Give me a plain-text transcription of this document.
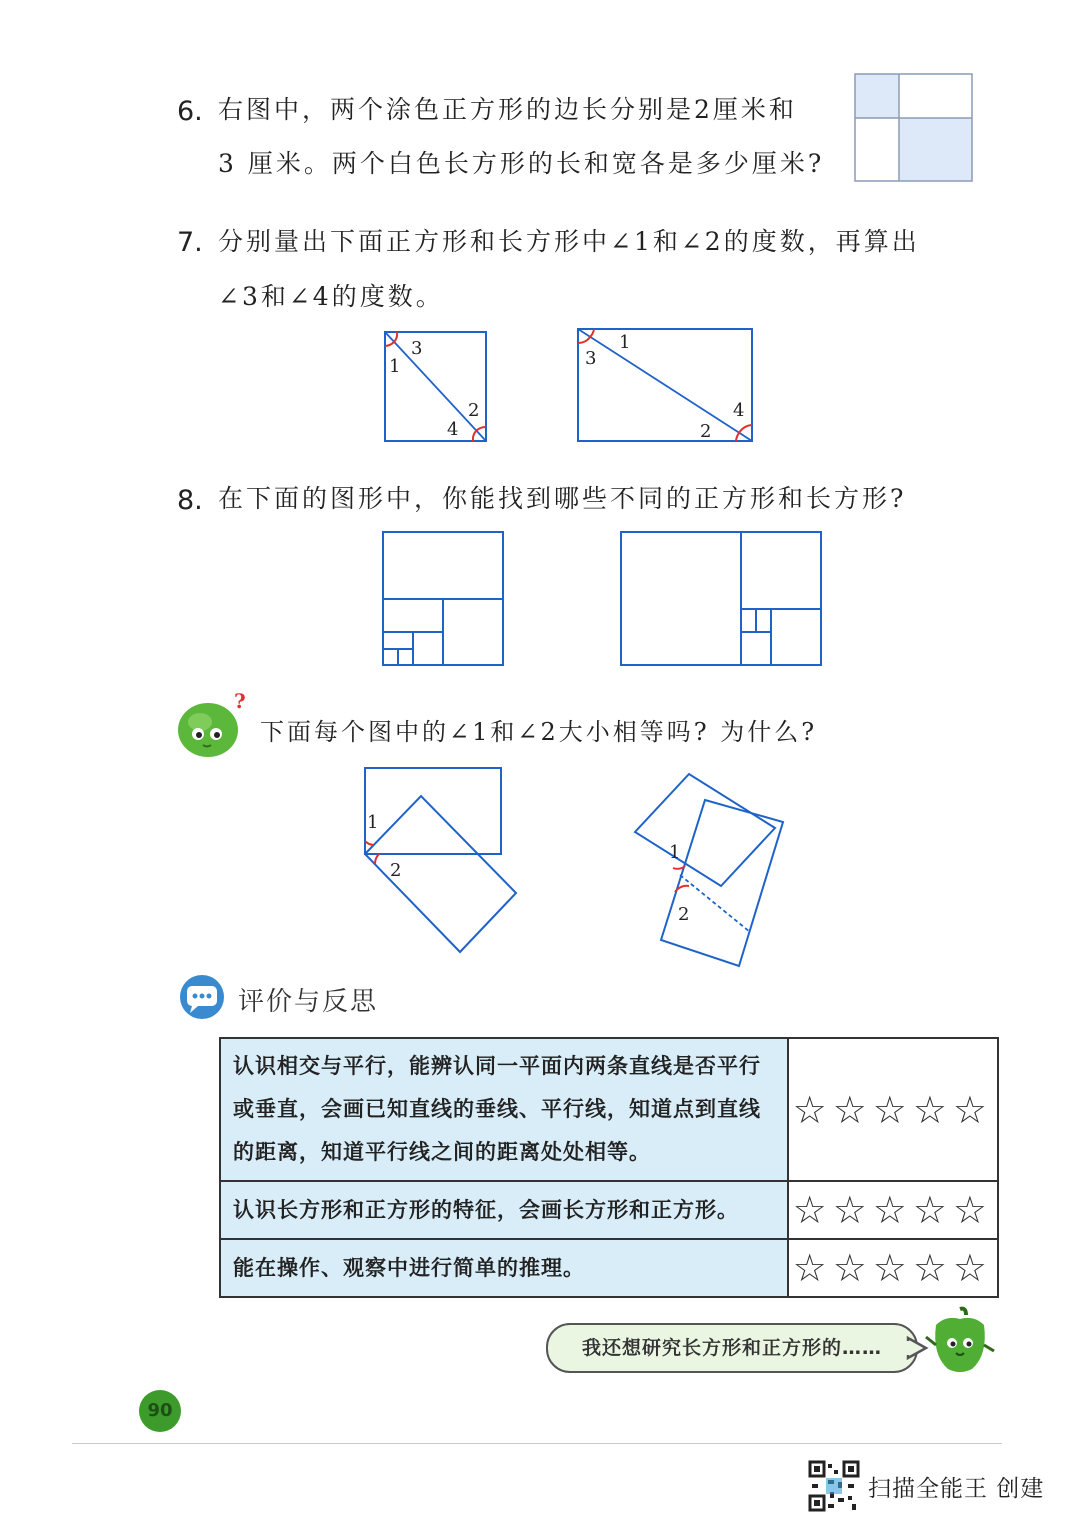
6. 右图中，两个涂色正方形的边长分别是2厘米和
3 厘米。两个白色长方形的长和宽各是多少厘米?
7. 分别量出下面正方形和长方形中∠1和∠2的度数，再算出
∠3和∠4的度数。
1
3
2
4
1
3
4
2
8. 在下面的图形中，你能找到哪些不同的正方形和长方形?
?
下面每个图中的∠1和∠2大小相等吗? 为什么?
1
2
1
2
评价与反思
认识相交与平行，能辨认同一平面内两条直线是否平行或垂直，会画已知直线的垂线、平行线，知道点到直线的距离，知道平行线之间的距离处处相等。	☆☆☆☆☆
认识长方形和正方形的特征，会画长方形和正方形。	☆☆☆☆☆
能在操作、观察中进行简单的推理。	☆☆☆☆☆
我还想研究长方形和正方形的……
90
扫描全能王 创建
